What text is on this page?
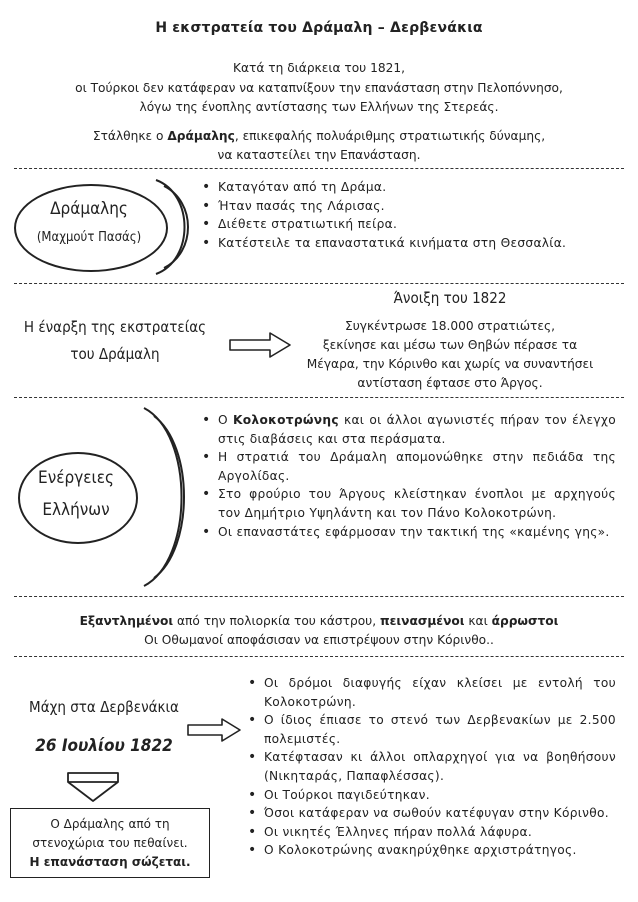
Η εκστρατεία του Δράμαλη – Δερβενάκια
Κατά τη διάρκεια του 1821,
οι Τούρκοι δεν κατάφεραν να καταπνίξουν την επανάσταση στην Πελοπόννησο,
λόγω της ένοπλης αντίστασης των Ελλήνων της Στερεάς.
Στάλθηκε ο Δράμαλης, επικεφαλής πολυάριθμης στρατιωτικής δύναμης,
να καταστείλει την Επανάσταση.
Δράμαλης
(Μαχμούτ Πασάς)
• Καταγόταν από τη Δράμα.
• Ήταν πασάς της Λάρισας.
• Διέθετε στρατιωτική πείρα.
• Κατέστειλε τα επαναστατικά κινήματα στη Θεσσαλία.
Η έναρξη της εκστρατείας
του Δράμαλη
Άνοιξη του 1822
Συγκέντρωσε 18.000 στρατιώτες,
ξεκίνησε και μέσω των Θηβών πέρασε τα
Μέγαρα, την Κόρινθο και χωρίς να συναντήσει
αντίσταση έφτασε στο Άργος.
Ενέργειες
Ελλήνων
• Ο Κολοκοτρώνης και οι άλλοι αγωνιστές πήραν τον έλεγχο στις διαβάσεις και στα περάσματα.
• Η στρατιά του Δράμαλη απομονώθηκε στην πεδιάδα της Αργολίδας.
• Στο φρούριο του Άργους κλείστηκαν ένοπλοι με αρχηγούς τον Δημήτριο Υψηλάντη και τον Πάνο Κολοκοτρώνη.
• Οι επαναστάτες εφάρμοσαν την τακτική της «καμένης γης».
Εξαντλημένοι από την πολιορκία του κάστρου, πεινασμένοι και άρρωστοι
Οι Οθωμανοί αποφάσισαν να επιστρέψουν στην Κόρινθο..
Μάχη στα Δερβενάκια
26 Ιουλίου 1822
Ο Δράμαλης από τη
στενοχώρια του πεθαίνει.
Η επανάσταση σώζεται.
• Οι δρόμοι διαφυγής είχαν κλείσει με εντολή του Κολοκοτρώνη.
• Ο ίδιος έπιασε το στενό των Δερβενακίων με 2.500 πολεμιστές.
• Κατέφτασαν κι άλλοι οπλαρχηγοί για να βοηθήσουν (Νικηταράς, Παπαφλέσσας).
• Οι Τούρκοι παγιδεύτηκαν.
• Όσοι κατάφεραν να σωθούν κατέφυγαν στην Κόρινθο.
• Οι νικητές Έλληνες πήραν πολλά λάφυρα.
• Ο Κολοκοτρώνης ανακηρύχθηκε αρχιστράτηγος.
